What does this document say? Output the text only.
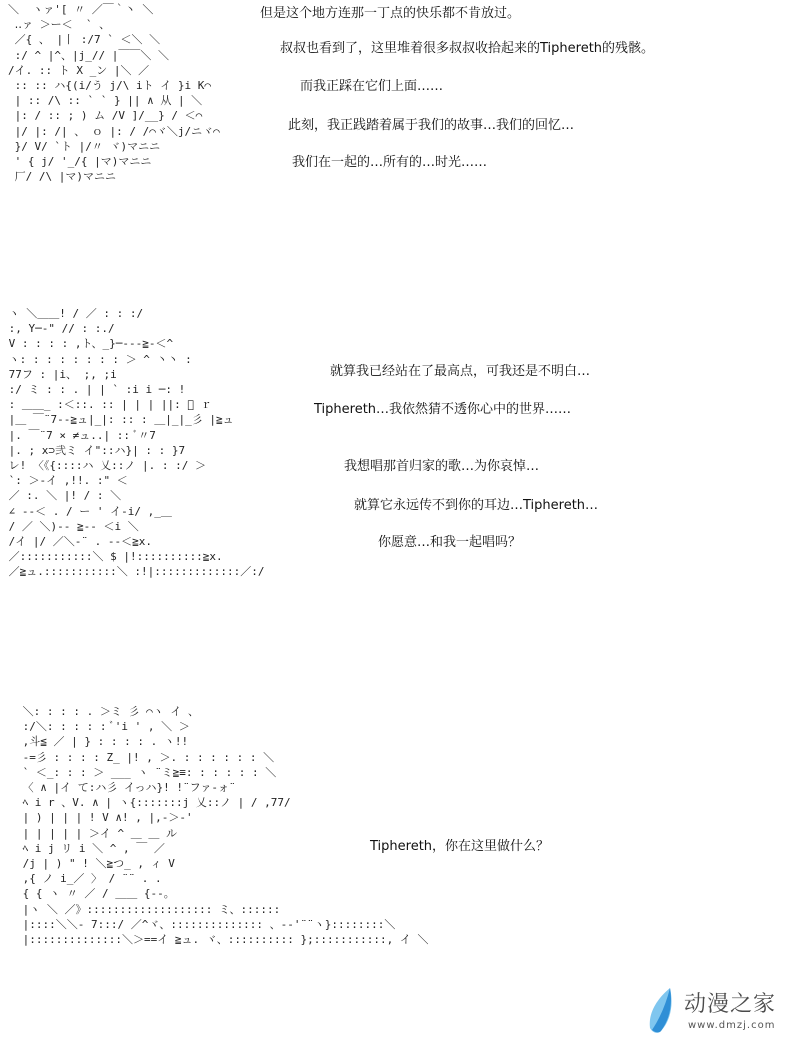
＼  ヽァ'[ 〃 ／￣｀丶 ＼
‥ァ ＞ー＜  ` 、
／{ 、 |丨 :/7 ` ＜＼ ＼
:/ ^ |^、|j_// |￣￣＼ ＼
/イ. :: ト X _ン |＼ ／
:: :: ハ{(i/う j/\ iト イ }i K⌒
| :: /\ :: ` ` } || ∧ 从 | ＼
|: / :: ; ) ム /V ]/__} / ＜⌒
|/ |: /| 、 ｏ |: / /⌒ヾ＼j/ニヾ⌒
}/ V/ `ト |/〃 ヾ)マニニ
' { j/ '_/{ |マ)マニニ
厂/ /\ |マ)マニニ
但是这个地方连那一丁点的快乐都不肯放过。
叔叔也看到了，这里堆着很多叔叔收拾起来的Tiphereth的残骸。
而我正踩在它们上面……
此刻，我正践踏着属于我们的故事…我们的回忆…
我们在一起的…所有的…时光……
ヽ ＼＿＿! / ／ : : :/
:, Y─‐" // : :./
V : : : : ,ト、_}─‐‐‐≧‐＜^
ヽ: : : : : : : : ＞ ^ 丶丶 :
77フ : |i、 ;, ;i
:/ ミ : : . | | ` :i i ─: !
: ＿＿_ :＜::. :: | | | ||: ゙ ｒ
|＿ ￣¨7‐‐≧ュ|_|: :: : ＿|_|_彡 |≧ュ
|. ￣¨7 × ≠ュ..| :: ﾞ〃7
|. ; x⊃弐ミ イ"::ハ}| : : }7
レ! 〈《{::::ハ 乂::ノ |. : :/ ＞
`: ＞‐イ ,!!. :" ＜
／ :. ＼ |! / : ＼
∠ ‐‐＜ . / ー ' イ‐i/ ,_＿
/ ／ ＼)‐‐ ≧‐‐ ＜i ＼
/イ |/ ／＼‐¨ . ‐‐＜≧x.
／:::::::::::＼ $ |!::::::::::≧x.
／≧ュ.:::::::::::＼ :!|:::::::::::::／:/
就算我已经站在了最高点，可我还是不明白…
Tiphereth…我依然猜不透你心中的世界……
我想唱那首归家的歌…为你哀悼…
就算它永远传不到你的耳边…Tiphereth…
你愿意…和我一起唱吗？
＼: : : : . ＞ミ 彡 ⌒ヽ イ 、
:/＼: : : : : ﾞ'i ' , ＼ ＞
,斗≦ ／ | } : : : : . ヽ!!
‐=彡 : : : : Z_ |! , ＞. : : : : : : ＼
` ＜_: : : ＞ ___ ヽ ¨ミ≧≡: : : : : : ＼
〈 ∧ |イ て:ハ彡 イっハ}! !¨ファ‐ォ¨
ﾍ i r 、V. ∧ | ヽ{:::::::j 乂::ノ | / ,77/
| ) | | | ! V ∧! , |,‐＞‐'
| | | | | ＞イ ^ ＿ ＿ ル
ﾍ i j リ i ＼ ^ , ￣ ／
/j | ) " ! ＼≧つ_ , ィ V
,{ ノ i_／ 〉 / ¨¨ . .
{ { ヽ 〃 ／ / ＿＿ {‐‐。
|ヽ ＼ ／》::::::::::::::::::: ミ、::::::
|::::＼＼‐ 7:::/ ／^ヾ、:::::::::::::: 、‐‐'¨¨ヽ}::::::::＼
|::::::::::::::＼＞==イ ≧ュ. ヾ、:::::::::: };:::::::::::, イ ＼
Tiphereth，你在这里做什么？
动漫之家
www.dmzj.com
